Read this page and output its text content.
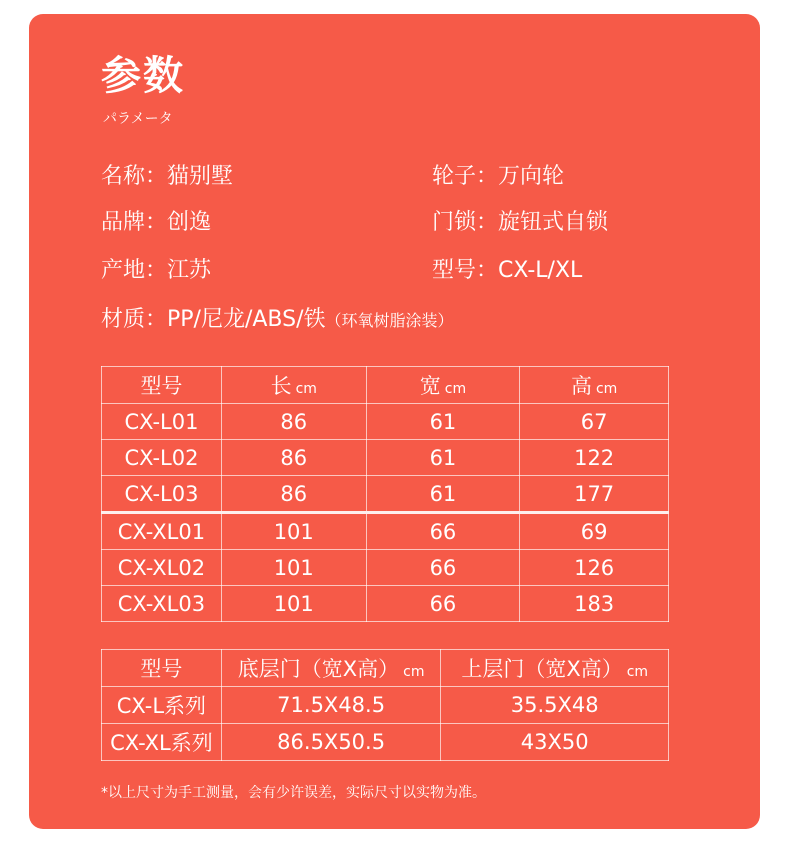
参数
パラメータ
名称：猫别墅	轮子：万向轮
品牌：创逸	门锁：旋钮式自锁
产地：江苏	型号：CX-L/XL
材质：PP/尼龙/ABS/铁（环氧树脂涂装）
型号	长 cm	宽 cm	高 cm
CX-L01	86	61	67
CX-L02	86	61	122
CX-L03	86	61	177
CX-XL01	101	66	69
CX-XL02	101	66	126
CX-XL03	101	66	183
型号	底层门（宽X高） cm	上层门（宽X高） cm
CX-L系列	71.5X48.5	35.5X48
CX-XL系列	86.5X50.5	43X50
*以上尺寸为手工测量，会有少许误差，实际尺寸以实物为准。
